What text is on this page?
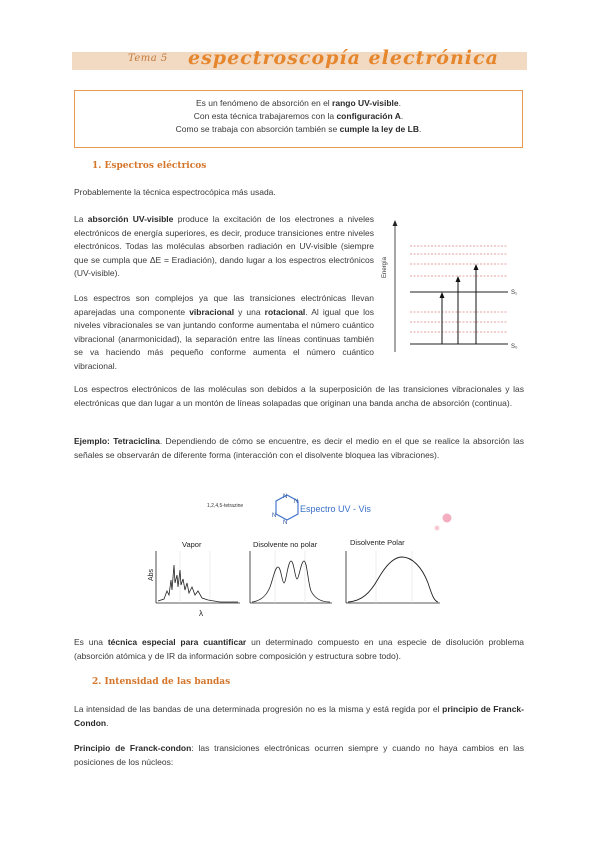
Tema 5 espectroscopía electrónica
Es un fenómeno de absorción en el rango UV-visible.
Con esta técnica trabajaremos con la configuración A.
Como se trabaja con absorción también se cumple la ley de LB.
1. Espectros eléctricos
Probablemente la técnica espectrocópica más usada.
La absorción UV-visible produce la excitación de los electrones a niveles electrónicos de energía superiores, es decir, produce transiciones entre niveles electrónicos. Todas las moléculas absorben radiación en UV-visible (siempre que se cumpla que ΔE = Eradiación), dando lugar a los espectros electrónicos (UV-visible).
Los espectros son complejos ya que las transiciones electrónicas llevan aparejadas una componente vibracional y una rotacional. Al igual que los niveles vibracionales se van juntando conforme aumentaba el número cuántico vibracional (anarmonicidad), la separación entre las líneas continuas también se va haciendo más pequeño conforme aumenta el número cuántico vibracional.
Energía
S₁
S₀
Los espectros electrónicos de las moléculas son debidos a la superposición de las transiciones vibracionales y las electrónicas que dan lugar a un montón de líneas solapadas que originan una banda ancha de absorción (continua).
Ejemplo: Tetraciclina. Dependiendo de cómo se encuentre, es decir el medio en el que se realice la absorción las señales se observarán de diferente forma (interacción con el disolvente bloquea las vibraciones).
1,2,4,5-tetrazine
N
N
N
N
Espectro UV - Vis
Vapor	Disolvente no polar	Disolvente Polar
Abs
λ
Es una técnica especial para cuantificar un determinado compuesto en una especie de disolución problema (absorción atómica y de IR da información sobre composición y estructura sobre todo).
2. Intensidad de las bandas
La intensidad de las bandas de una determinada progresión no es la misma y está regida por el principio de Franck-Condon.
Principio de Franck-condon: las transiciones electrónicas ocurren siempre y cuando no haya cambios en las posiciones de los núcleos:
